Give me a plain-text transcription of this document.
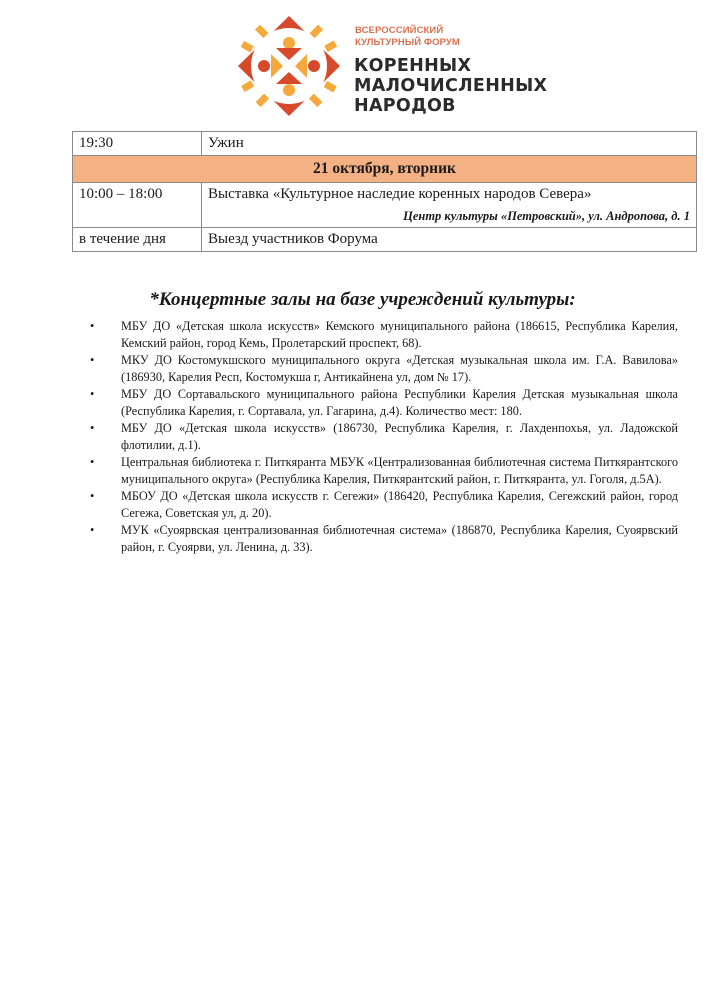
ВСЕРОССИЙСКИЙ
КУЛЬТУРНЫЙ ФОРУМ
КОРЕННЫХ
МАЛОЧИСЛЕННЫХ
НАРОДОВ
19:30	Ужин
21 октября, вторник	
10:00 – 18:00	Выставка «Культурное наследие коренных народов Севера»
Центр культуры «Петровский», ул. Андропова, д. 1

в течение дня	Выезд участников Форума
*Концертные залы на базе учреждений культуры:
• МБУ ДО «Детская школа искусств» Кемского муниципального района (186615, Республика Карелия, Кемский район, город Кемь, Пролетарский проспект, 68).
• МКУ ДО Костомукшского муниципального округа «Детская музыкальная школа им. Г.А. Вавилова» (186930, Карелия Респ, Костомукша г, Антикайнена ул, дом № 17).
• МБУ ДО Сортавальского муниципального района Республики Карелия Детская музыкальная школа (Республика Карелия, г. Сортавала, ул. Гагарина, д.4). Количество мест: 180.
• МБУ ДО «Детская школа искусств» (186730, Республика Карелия, г. Лахденпохья, ул. Ладожской флотилии, д.1).
• Центральная библиотека г. Питкяранта МБУК «Централизованная библиотечная система Питкярантского муниципального округа» (Республика Карелия, Питкярантский район, г. Питкяранта, ул. Гоголя, д.5А).
• МБОУ ДО «Детская школа искусств г. Сегежи» (186420, Республика Карелия, Сегежский район, город Сегежа, Советская ул, д. 20).
• МУК «Суоярвская централизованная библиотечная система» (186870, Республика Карелия, Суоярвский район, г. Суоярви, ул. Ленина, д. 33).
